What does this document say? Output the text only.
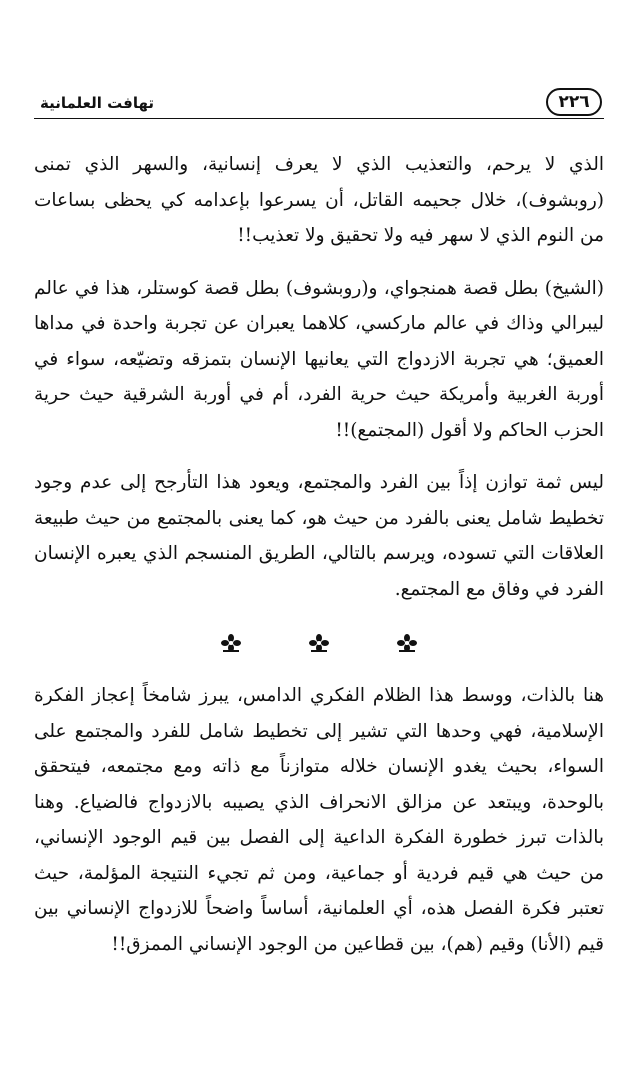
٢٢٦
تهافت العلمانية

الذي لا يرحم، والتعذيب الذي لا يعرف إنسانية، والسهر الذي تمنى (روبشوف)، خلال جحيمه القاتل، أن يسرعوا بإعدامه كي يحظى بساعات من النوم الذي لا سهر فيه ولا تحقيق ولا تعذيب!!

(الشيخ) بطل قصة همنجواي، و(روبشوف) بطل قصة كوستلر، هذا في عالم ليبرالي وذاك في عالم ماركسي، كلاهما يعبران عن تجربة واحدة في مداها العميق؛ هي تجربة الازدواج التي يعانيها الإنسان بتمزقه وتضيّعه، سواء في أوربة الغربية وأمريكة حيث حرية الفرد، أم في أوربة الشرقية حيث حرية الحزب الحاكم ولا أقول (المجتمع)!!

ليس ثمة توازن إذاً بين الفرد والمجتمع، ويعود هذا التأرجح إلى عدم وجود تخطيط شامل يعنى بالفرد من حيث هو، كما يعنى بالمجتمع من حيث طبيعة العلاقات التي تسوده، ويرسم بالتالي، الطريق المنسجم الذي يعبره الإنسان الفرد في وفاق مع المجتمع.

هنا بالذات، ووسط هذا الظلام الفكري الدامس، يبرز شامخاً إعجاز الفكرة الإسلامية، فهي وحدها التي تشير إلى تخطيط شامل للفرد والمجتمع على السواء، بحيث يغدو الإنسان خلاله متوازناً مع ذاته ومع مجتمعه، فيتحقق بالوحدة، ويبتعد عن مزالق الانحراف الذي يصيبه بالازدواج فالضياع. وهنا بالذات تبرز خطورة الفكرة الداعية إلى الفصل بين قيم الوجود الإنساني، من حيث هي قيم فردية أو جماعية، ومن ثم تجيء النتيجة المؤلمة، حيث تعتبر فكرة الفصل هذه، أي العلمانية، أساساً واضحاً للازدواج الإنساني بين قيم (الأنا) وقيم (هم)، بين قطاعين من الوجود الإنساني الممزق!!
